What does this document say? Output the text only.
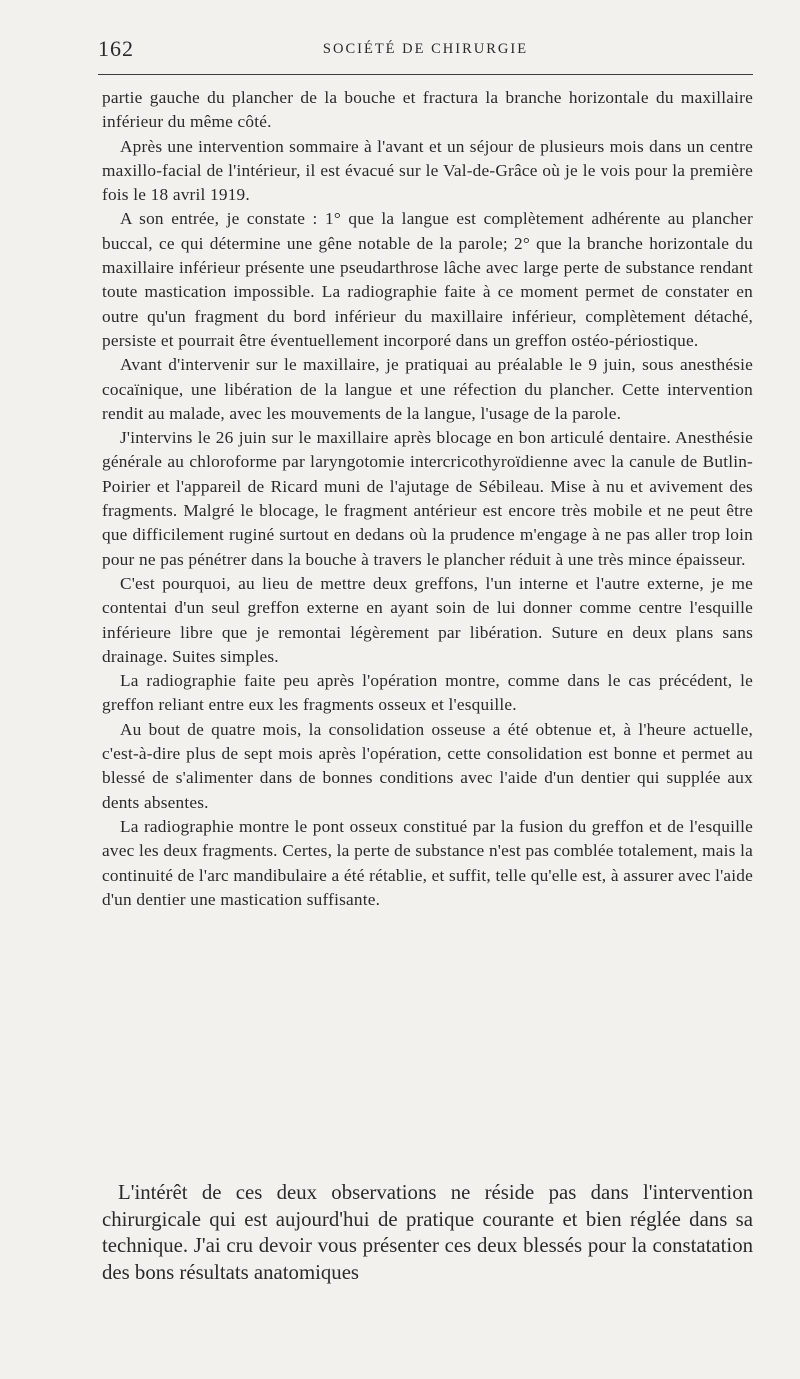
162	SOCIÉTÉ DE CHIRURGIE

partie gauche du plancher de la bouche et fractura la branche horizontale du maxillaire inférieur du même côté.

Après une intervention sommaire à l'avant et un séjour de plusieurs mois dans un centre maxillo-facial de l'intérieur, il est évacué sur le Val-de-Grâce où je le vois pour la première fois le 18 avril 1919.

A son entrée, je constate : 1° que la langue est complètement adhérente au plancher buccal, ce qui détermine une gêne notable de la parole; 2° que la branche horizontale du maxillaire inférieur présente une pseudarthrose lâche avec large perte de substance rendant toute mastication impossible. La radiographie faite à ce moment permet de constater en outre qu'un fragment du bord inférieur du maxillaire inférieur, complètement détaché, persiste et pourrait être éventuellement incorporé dans un greffon ostéo-périostique.

Avant d'intervenir sur le maxillaire, je pratiquai au préalable le 9 juin, sous anesthésie cocaïnique, une libération de la langue et une réfection du plancher. Cette intervention rendit au malade, avec les mouvements de la langue, l'usage de la parole.

J'intervins le 26 juin sur le maxillaire après blocage en bon articulé dentaire. Anesthésie générale au chloroforme par laryngotomie intercricothyroïdienne avec la canule de Butlin-Poirier et l'appareil de Ricard muni de l'ajutage de Sébileau. Mise à nu et avivement des fragments. Malgré le blocage, le fragment antérieur est encore très mobile et ne peut être que difficilement ruginé surtout en dedans où la prudence m'engage à ne pas aller trop loin pour ne pas pénétrer dans la bouche à travers le plancher réduit à une très mince épaisseur.

C'est pourquoi, au lieu de mettre deux greffons, l'un interne et l'autre externe, je me contentai d'un seul greffon externe en ayant soin de lui donner comme centre l'esquille inférieure libre que je remontai légèrement par libération. Suture en deux plans sans drainage. Suites simples.

La radiographie faite peu après l'opération montre, comme dans le cas précédent, le greffon reliant entre eux les fragments osseux et l'esquille.

Au bout de quatre mois, la consolidation osseuse a été obtenue et, à l'heure actuelle, c'est-à-dire plus de sept mois après l'opération, cette consolidation est bonne et permet au blessé de s'alimenter dans de bonnes conditions avec l'aide d'un dentier qui supplée aux dents absentes.

La radiographie montre le pont osseux constitué par la fusion du greffon et de l'esquille avec les deux fragments. Certes, la perte de substance n'est pas comblée totalement, mais la continuité de l'arc mandibulaire a été rétablie, et suffit, telle qu'elle est, à assurer avec l'aide d'un dentier une mastication suffisante.

L'intérêt de ces deux observations ne réside pas dans l'intervention chirurgicale qui est aujourd'hui de pratique courante et bien réglée dans sa technique. J'ai cru devoir vous présenter ces deux blessés pour la constatation des bons résultats anatomiques
